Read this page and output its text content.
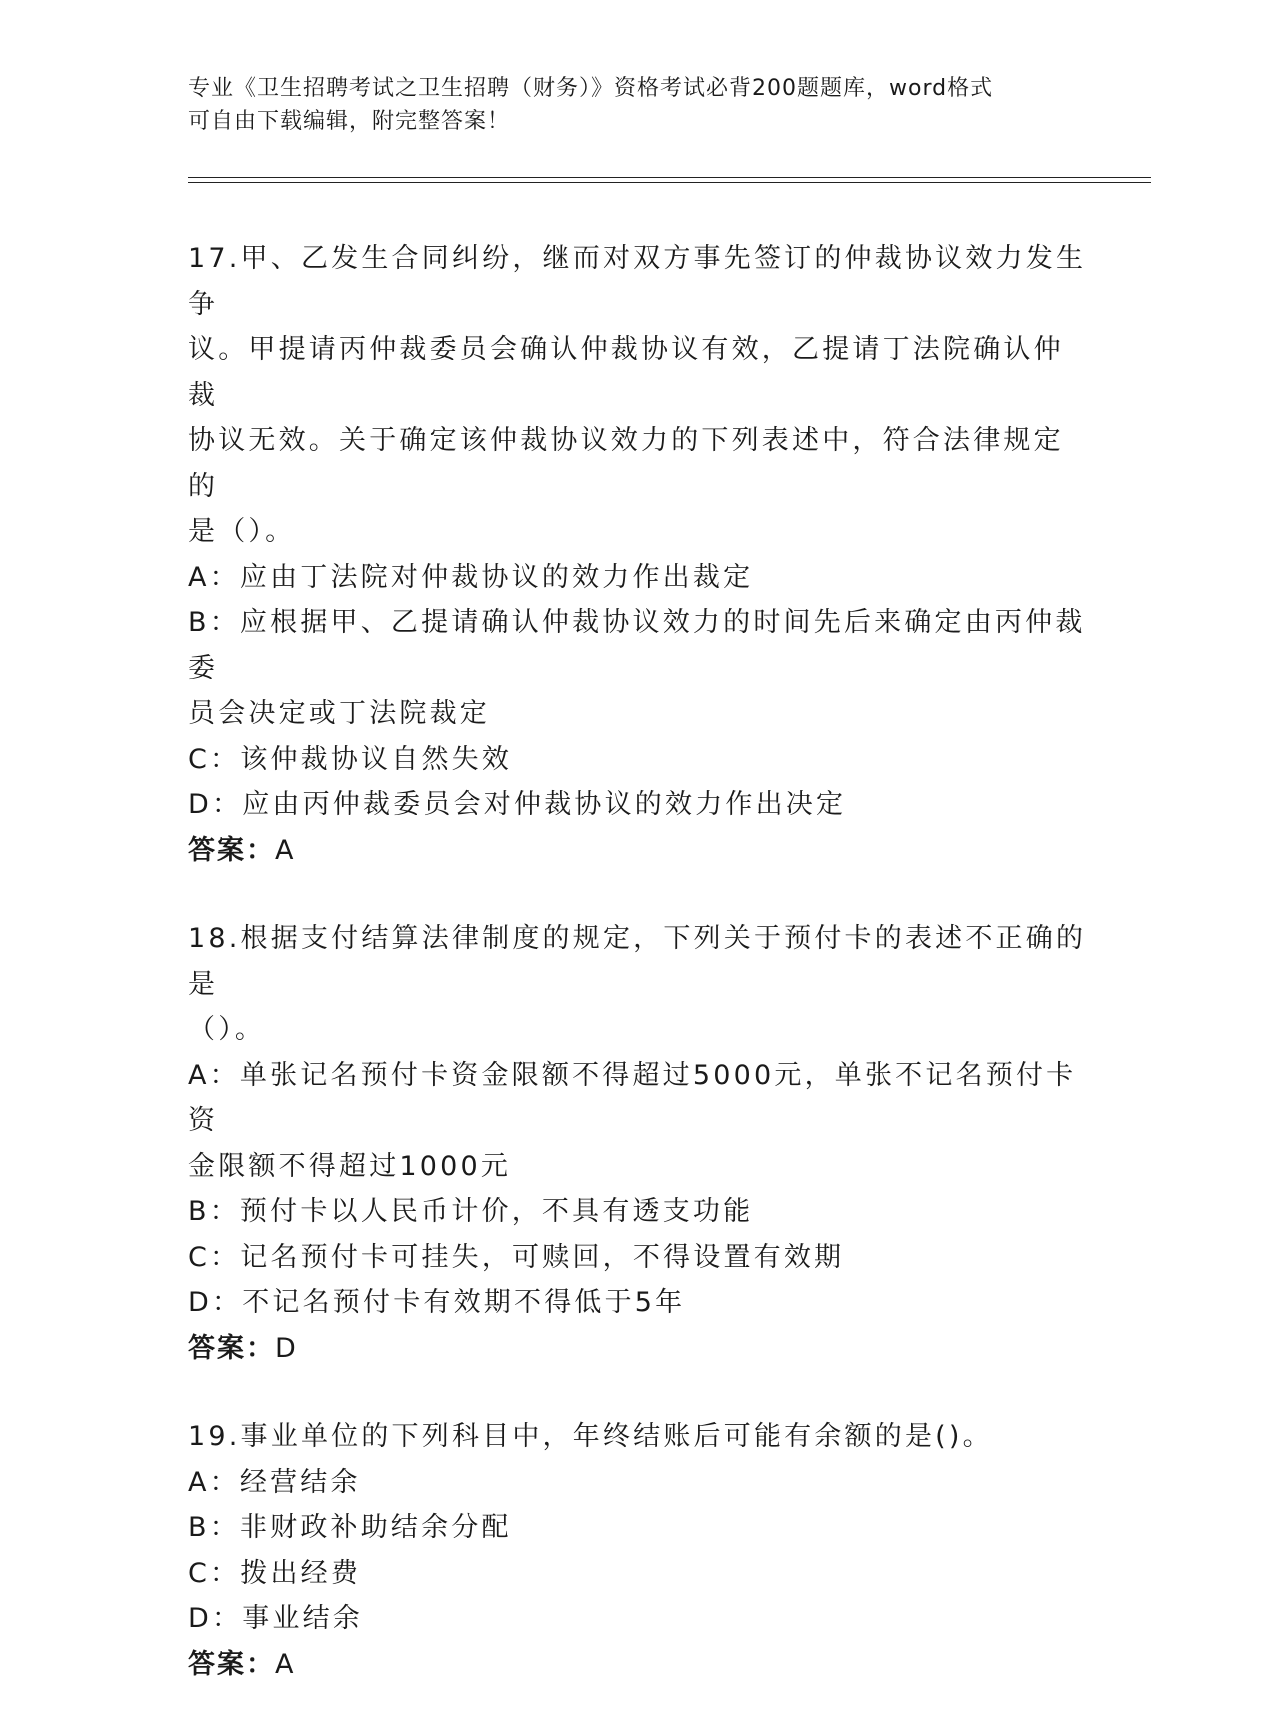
专业《卫生招聘考试之卫生招聘（财务）》资格考试必背200题题库，word格式
可自由下载编辑，附完整答案！

17.甲、乙发生合同纠纷，继而对双方事先签订的仲裁协议效力发生争

议。甲提请丙仲裁委员会确认仲裁协议有效，乙提请丁法院确认仲裁

协议无效。关于确定该仲裁协议效力的下列表述中，符合法律规定的

是（）。

A：应由丁法院对仲裁协议的效力作出裁定

B：应根据甲、乙提请确认仲裁协议效力的时间先后来确定由丙仲裁委

员会决定或丁法院裁定

C：该仲裁协议自然失效

D：应由丙仲裁委员会对仲裁协议的效力作出决定

答案：A

18.根据支付结算法律制度的规定，下列关于预付卡的表述不正确的是

（）。

A：单张记名预付卡资金限额不得超过5000元，单张不记名预付卡资

金限额不得超过1000元

B：预付卡以人民币计价，不具有透支功能

C：记名预付卡可挂失，可赎回，不得设置有效期

D：不记名预付卡有效期不得低于5年

答案：D

19.事业单位的下列科目中，年终结账后可能有余额的是()。

A：经营结余

B：非财政补助结余分配

C：拨出经费

D：事业结余

答案：A
